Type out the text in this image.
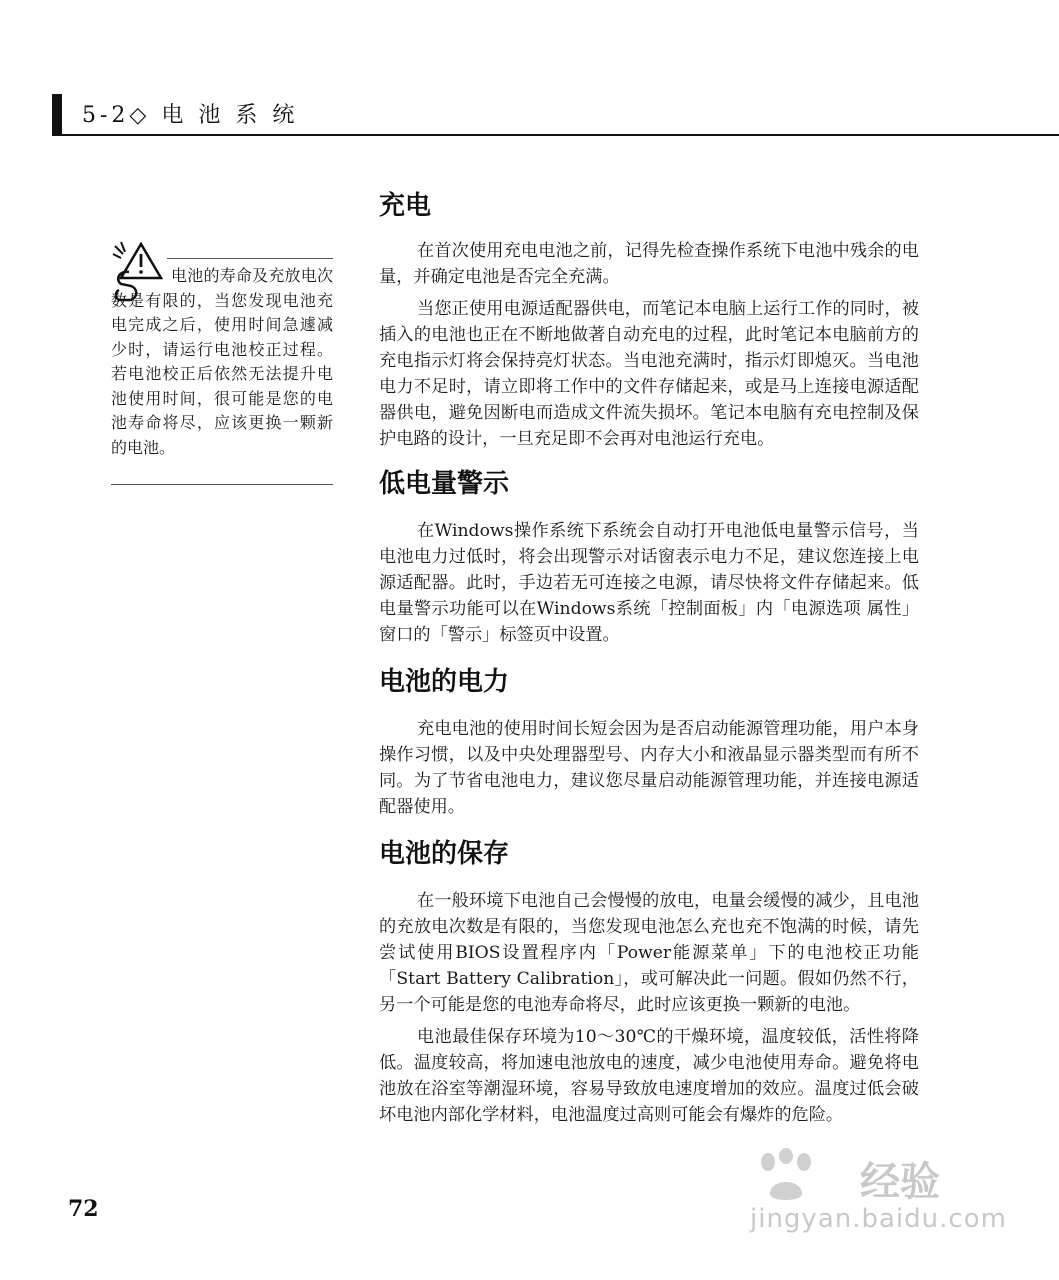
5-2◇ 电 池 系 统
电池的寿命及充放电次数是有限的，当您发现电池充电完成之后，使用时间急遽减少时，请运行电池校正过程。若电池校正后依然无法提升电池使用时间，很可能是您的电池寿命将尽，应该更换一颗新的电池。
充电

在首次使用充电电池之前，记得先检查操作系统下电池中残余的电量，并确定电池是否完全充满。

当您正使用电源适配器供电，而笔记本电脑上运行工作的同时，被插入的电池也正在不断地做著自动充电的过程，此时笔记本电脑前方的充电指示灯将会保持亮灯状态。当电池充满时，指示灯即熄灭。当电池电力不足时，请立即将工作中的文件存储起来，或是马上连接电源适配器供电，避免因断电而造成文件流失损坏。笔记本电脑有充电控制及保护电路的设计，一旦充足即不会再对电池运行充电。

低电量警示

在Windows操作系统下系统会自动打开电池低电量警示信号，当电池电力过低时，将会出现警示对话窗表示电力不足，建议您连接上电源适配器。此时，手边若无可连接之电源，请尽快将文件存储起来。低电量警示功能可以在Windows系统「控制面板」内「电源选项 属性」窗口的「警示」标签页中设置。

电池的电力

充电电池的使用时间长短会因为是否启动能源管理功能，用户本身操作习惯，以及中央处理器型号、内存大小和液晶显示器类型而有所不同。为了节省电池电力，建议您尽量启动能源管理功能，并连接电源适配器使用。

电池的保存

在一般环境下电池自己会慢慢的放电，电量会缓慢的减少，且电池的充放电次数是有限的，当您发现电池怎么充也充不饱满的时候，请先尝试使用BIOS设置程序内「Power能源菜单」下的电池校正功能「Start Battery Calibration」，或可解决此一问题。假如仍然不行，另一个可能是您的电池寿命将尽，此时应该更换一颗新的电池。

电池最佳保存环境为10～30℃的干燥环境，温度较低，活性将降低。温度较高，将加速电池放电的速度，减少电池使用寿命。避免将电池放在浴室等潮湿环境，容易导致放电速度增加的效应。温度过低会破坏电池内部化学材料，电池温度过高则可能会有爆炸的危险。

72
经验
jingyan.baidu.com
